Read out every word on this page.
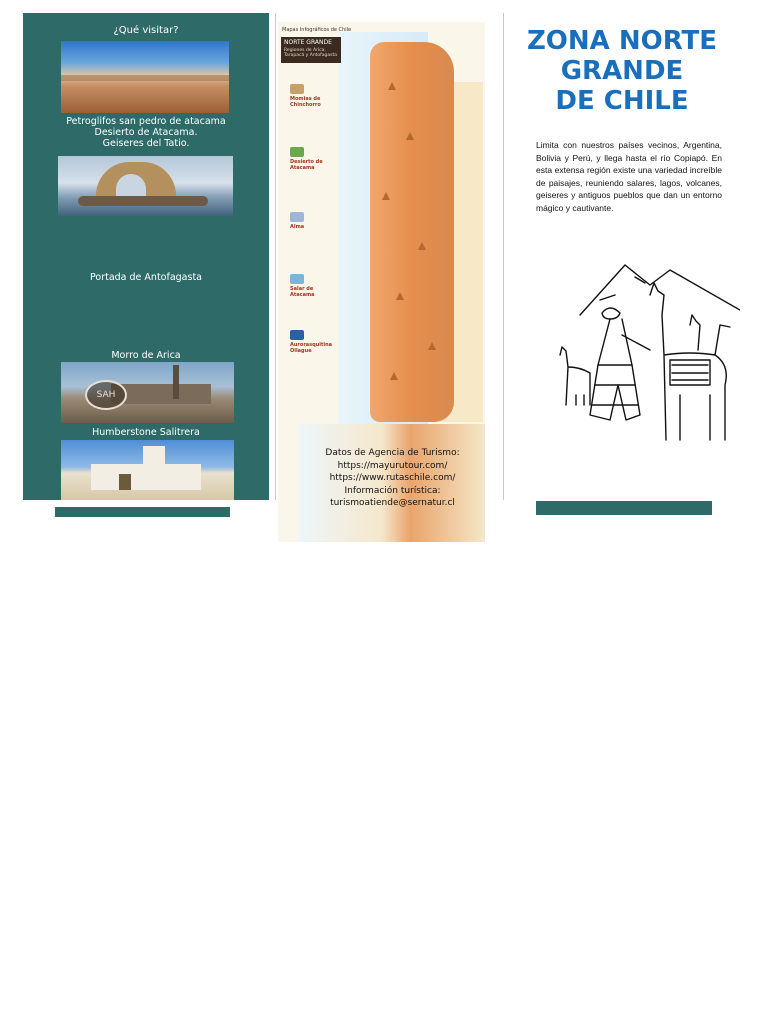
¿Qué visitar?
Petroglifos san pedro de atacama
Desierto de Atacama.
Geiseres del Tatio.
Portada de Antofagasta
Morro de Arica
SAH
Humberstone Salitrera
Mapas Infográficos de Chile
NORTE GRANDE
Regiones de Arica, Tarapacá y Antofagasta
Momias de Chinchorro
Desierto de Atacama
Alma
Salar de Atacama
Aurorasquitina Ollague
Datos de Agencia de Turismo:
https://mayurutour.com/
https://www.rutaschile.com/
Información turística:
turismoatiende@sernatur.cl
ZONA NORTE
GRANDE
DE CHILE
Limita con nuestros países vecinos, Argentina, Bolivia y Perú, y llega hasta el río Copiapó. En esta extensa región existe una variedad increíble de paisajes, reuniendo salares, lagos, volcanes, geiseres y antiguos pueblos que dan un entorno mágico y cautivante.
